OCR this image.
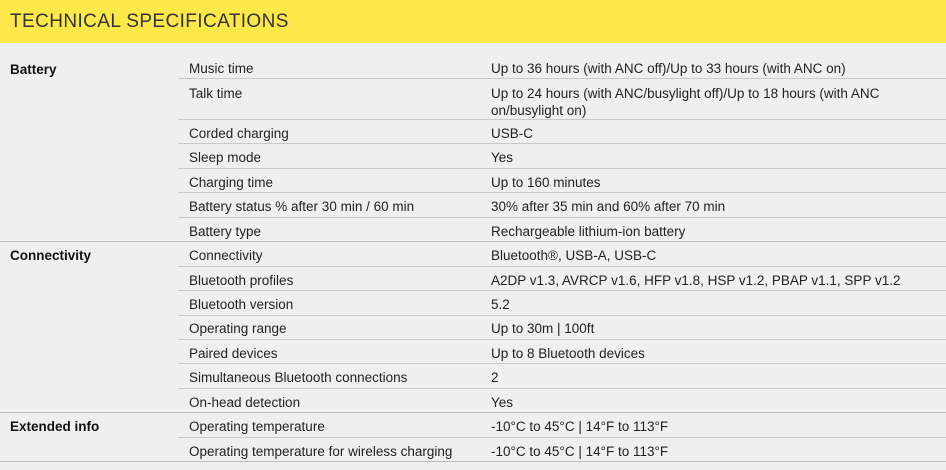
TECHNICAL SPECIFICATIONS
Battery	Music time	Up to 36 hours (with ANC off)/Up to 33 hours (with ANC on)
Talk time	Up to 24 hours (with ANC/busylight off)/Up to 18 hours (with ANC on/busylight on)
Corded charging	USB-C
Sleep mode	Yes
Charging time	Up to 160 minutes
Battery status % after 30 min / 60 min	30% after 35 min and 60% after 70 min
Battery type	Rechargeable lithium-ion battery
Connectivity	Connectivity	Bluetooth®, USB-A, USB-C
Bluetooth profiles	A2DP v1.3, AVRCP v1.6, HFP v1.8, HSP v1.2, PBAP v1.1, SPP v1.2
Bluetooth version	5.2
Operating range	Up to 30m | 100ft
Paired devices	Up to 8 Bluetooth devices
Simultaneous Bluetooth connections	2
On-head detection	Yes
Extended info	Operating temperature	-10°C to 45°C | 14°F to 113°F
Operating temperature for wireless charging	-10°C to 45°C | 14°F to 113°F
